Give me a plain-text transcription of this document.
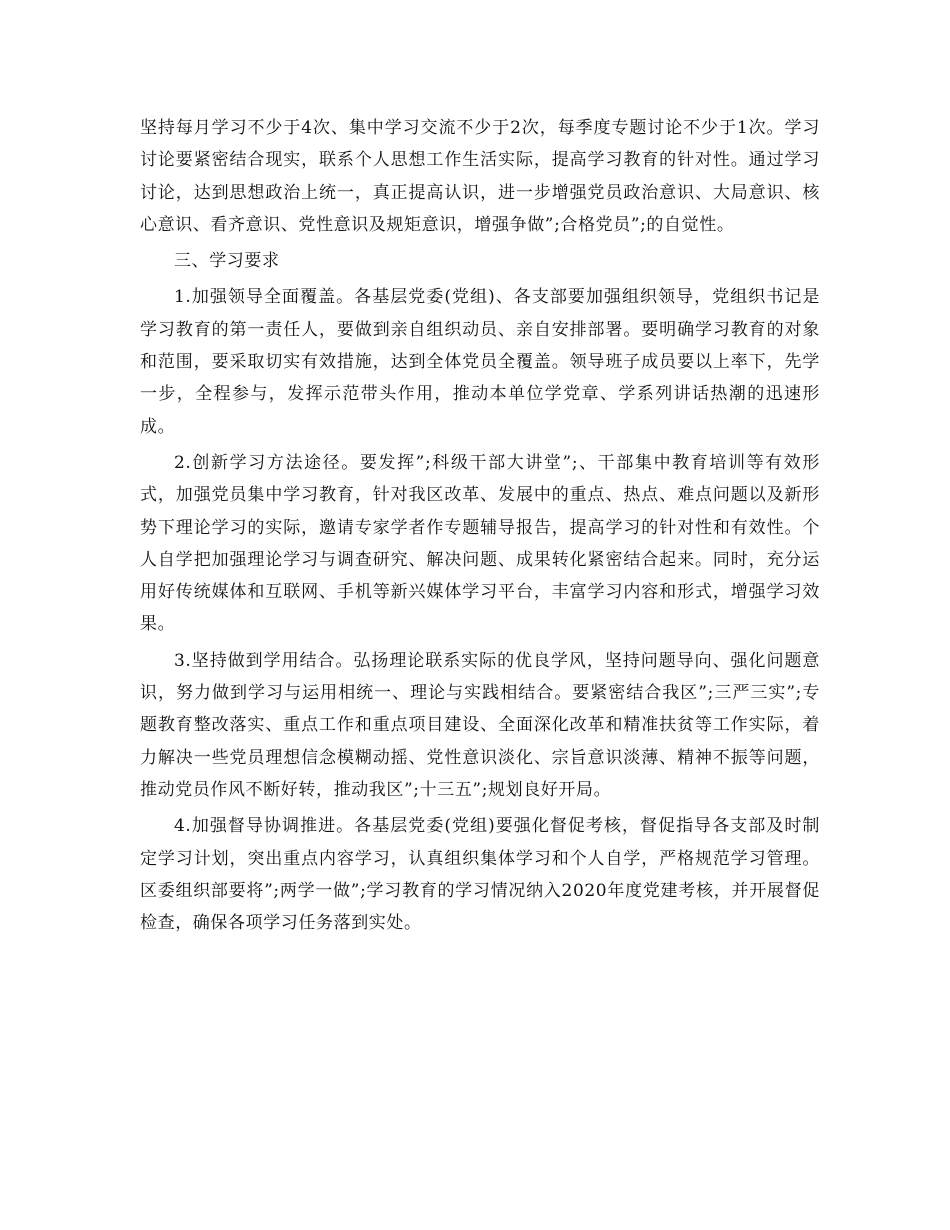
坚持每月学习不少于4次、集中学习交流不少于2次，每季度专题讨论不少于1次。学习讨论要紧密结合现实，联系个人思想工作生活实际，提高学习教育的针对性。通过学习讨论，达到思想政治上统一，真正提高认识，进一步增强党员政治意识、大局意识、核心意识、看齐意识、党性意识及规矩意识，增强争做”;合格党员”;的自觉性。

三、学习要求

1.加强领导全面覆盖。各基层党委(党组)、各支部要加强组织领导，党组织书记是学习教育的第一责任人，要做到亲自组织动员、亲自安排部署。要明确学习教育的对象和范围，要采取切实有效措施，达到全体党员全覆盖。领导班子成员要以上率下，先学一步，全程参与，发挥示范带头作用，推动本单位学党章、学系列讲话热潮的迅速形成。

2.创新学习方法途径。要发挥”;科级干部大讲堂”;、干部集中教育培训等有效形式，加强党员集中学习教育，针对我区改革、发展中的重点、热点、难点问题以及新形势下理论学习的实际，邀请专家学者作专题辅导报告，提高学习的针对性和有效性。个人自学把加强理论学习与调查研究、解决问题、成果转化紧密结合起来。同时，充分运用好传统媒体和互联网、手机等新兴媒体学习平台，丰富学习内容和形式，增强学习效果。

3.坚持做到学用结合。弘扬理论联系实际的优良学风，坚持问题导向、强化问题意识，努力做到学习与运用相统一、理论与实践相结合。要紧密结合我区”;三严三实”;专题教育整改落实、重点工作和重点项目建设、全面深化改革和精准扶贫等工作实际，着力解决一些党员理想信念模糊动摇、党性意识淡化、宗旨意识淡薄、精神不振等问题，推动党员作风不断好转，推动我区”;十三五”;规划良好开局。

4.加强督导协调推进。各基层党委(党组)要强化督促考核，督促指导各支部及时制定学习计划，突出重点内容学习，认真组织集体学习和个人自学，严格规范学习管理。区委组织部要将”;两学一做”;学习教育的学习情况纳入2020年度党建考核，并开展督促检查，确保各项学习任务落到实处。
